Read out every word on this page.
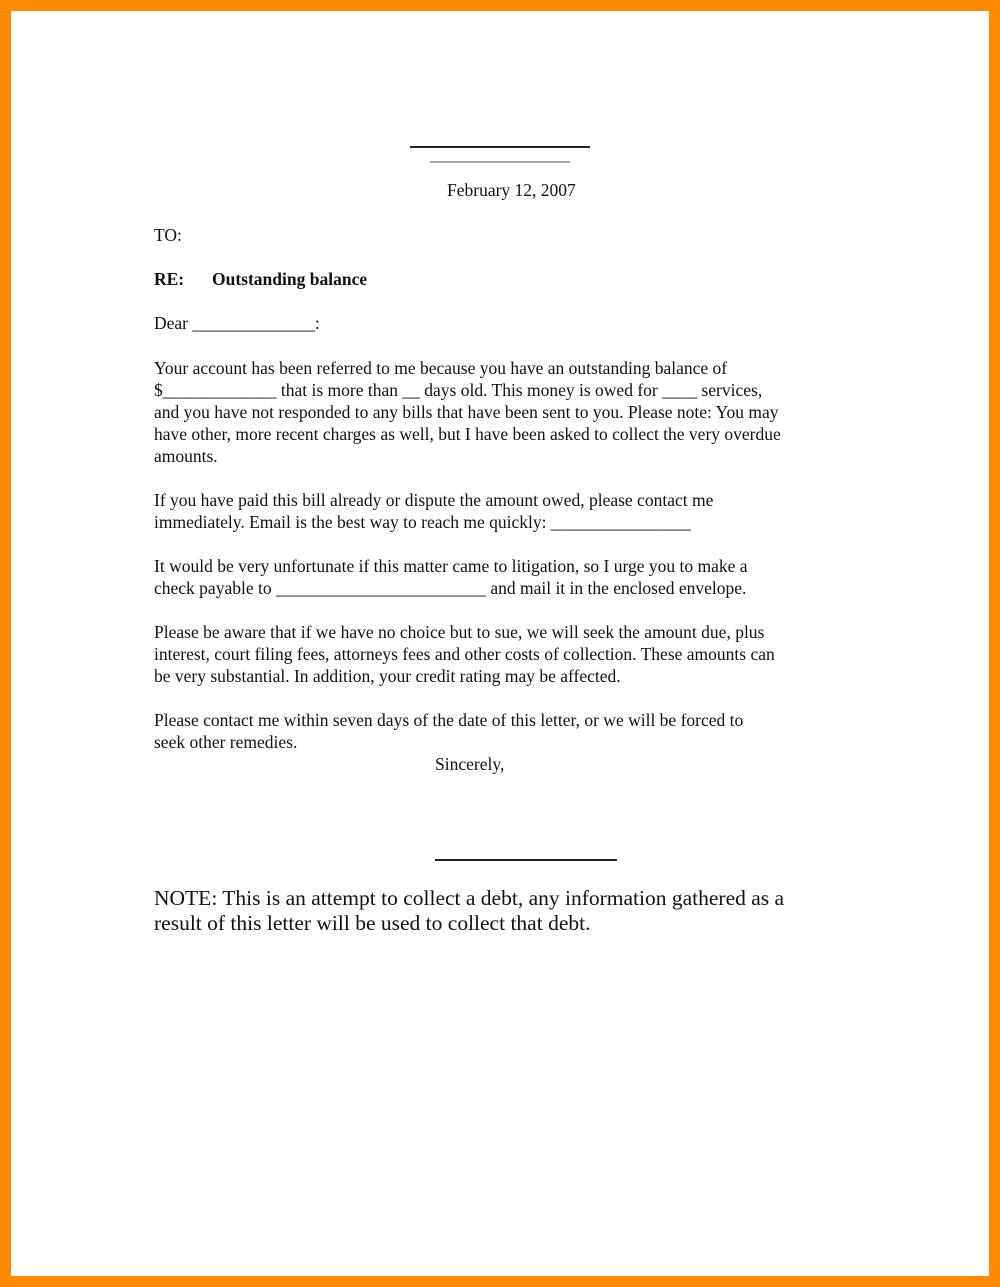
February 12, 2007
TO:
RE: Outstanding balance
Dear ______________:
Your account has been referred to me because you have an outstanding balance of
$_____________ that is more than __ days old. This money is owed for ____ services,
and you have not responded to any bills that have been sent to you. Please note: You may
have other, more recent charges as well, but I have been asked to collect the very overdue
amounts.
If you have paid this bill already or dispute the amount owed, please contact me
immediately. Email is the best way to reach me quickly: ________________
It would be very unfortunate if this matter came to litigation, so I urge you to make a
check payable to ________________________ and mail it in the enclosed envelope.
Please be aware that if we have no choice but to sue, we will seek the amount due, plus
interest, court filing fees, attorneys fees and other costs of collection. These amounts can
be very substantial. In addition, your credit rating may be affected.
Please contact me within seven days of the date of this letter, or we will be forced to
seek other remedies.
Sincerely,
NOTE: This is an attempt to collect a debt, any information gathered as a
result of this letter will be used to collect that debt.
